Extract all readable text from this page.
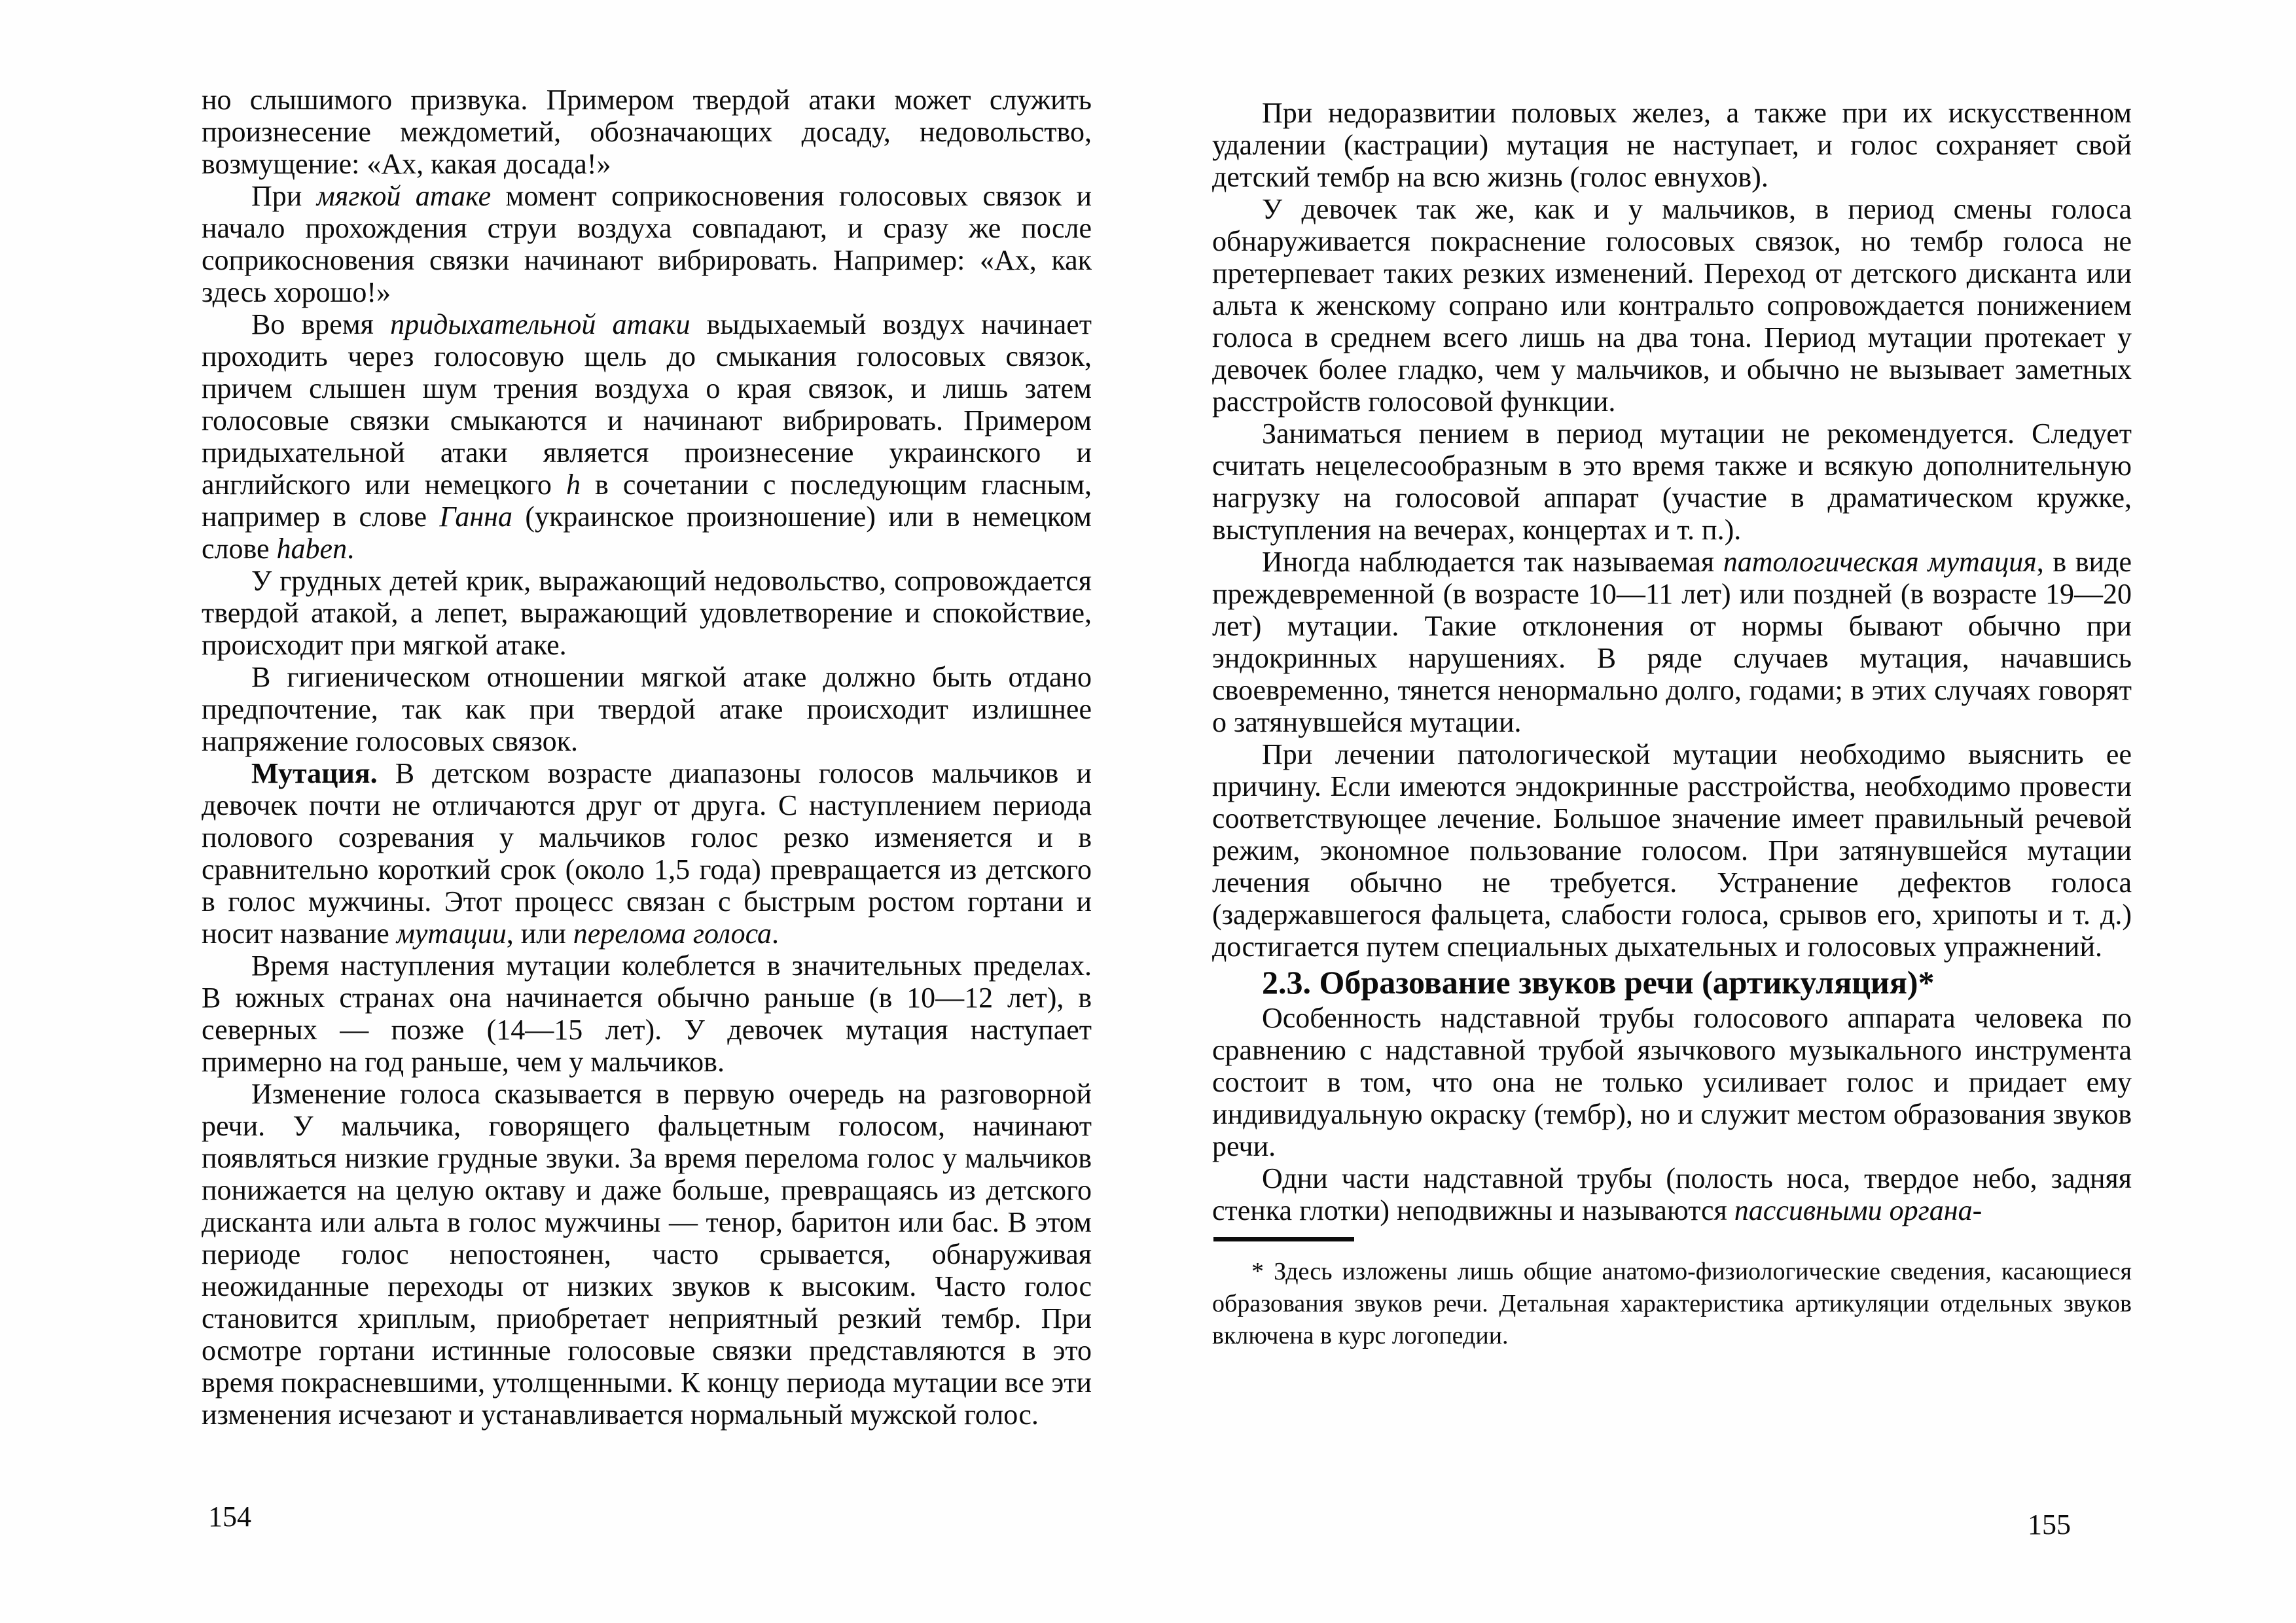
но слышимого призвука. Примером твердой атаки может служить произнесение междометий, обозначающих досаду, недовольство, возмущение: «Ах, какая досада!»

При мягкой атаке момент соприкосновения голосовых связок и начало прохождения струи воздуха совпадают, и сразу же после соприкосновения связки начинают вибрировать. Например: «Ах, как здесь хорошо!»

Во время придыхательной атаки выдыхаемый воздух начинает проходить через голосовую щель до смыкания голосовых связок, причем слышен шум трения воздуха о края связок, и лишь затем голосовые связки смыкаются и начинают вибрировать. Примером придыхательной атаки является произнесение украинского и английского или немецкого h в сочетании с последующим гласным, например в слове Ганна (украинское произношение) или в немецком слове haben.

У грудных детей крик, выражающий недовольство, сопровождается твердой атакой, а лепет, выражающий удовлетворение и спокойствие, происходит при мягкой атаке.

В гигиеническом отношении мягкой атаке должно быть отдано предпочтение, так как при твердой атаке происходит излишнее напряжение голосовых связок.

Мутация. В детском возрасте диапазоны голосов мальчиков и девочек почти не отличаются друг от друга. С наступлением периода полового созревания у мальчиков голос резко изменяется и в сравнительно короткий срок (около 1,5 года) превращается из детского в голос мужчины. Этот процесс связан с быстрым ростом гортани и носит название мутации, или перелома голоса.

Время наступления мутации колеблется в значительных пределах. В южных странах она начинается обычно раньше (в 10—12 лет), в северных — позже (14—15 лет). У девочек мутация наступает примерно на год раньше, чем у мальчиков.

Изменение голоса сказывается в первую очередь на разговорной речи. У мальчика, говорящего фальцетным голосом, начинают появляться низкие грудные звуки. За время перелома голос у мальчиков понижается на целую октаву и даже больше, превращаясь из детского дисканта или альта в голос мужчины — тенор, баритон или бас. В этом периоде голос непостоянен, часто срывается, обнаруживая неожиданные переходы от низких звуков к высоким. Часто голос становится хриплым, приобретает неприятный резкий тембр. При осмотре гортани истинные голосовые связки представляются в это время покрасневшими, утолщенными. К концу периода мутации все эти изменения исчезают и устанавливается нормальный мужской голос.

154

При недоразвитии половых желез, а также при их искусственном удалении (кастрации) мутация не наступает, и голос сохраняет свой детский тембр на всю жизнь (голос евнухов).

У девочек так же, как и у мальчиков, в период смены голоса обнаруживается покраснение голосовых связок, но тембр голоса не претерпевает таких резких изменений. Переход от детского дисканта или альта к женскому сопрано или контральто сопровождается понижением голоса в среднем всего лишь на два тона. Период мутации протекает у девочек более гладко, чем у мальчиков, и обычно не вызывает заметных расстройств голосовой функции.

Заниматься пением в период мутации не рекомендуется. Следует считать нецелесообразным в это время также и всякую дополнительную нагрузку на голосовой аппарат (участие в драматическом кружке, выступления на вечерах, концертах и т. п.).

Иногда наблюдается так называемая патологическая мутация, в виде преждевременной (в возрасте 10—11 лет) или поздней (в возрасте 19—20 лет) мутации. Такие отклонения от нормы бывают обычно при эндокринных нарушениях. В ряде случаев мутация, начавшись своевременно, тянется ненормально долго, годами; в этих случаях говорят о затянувшейся мутации.

При лечении патологической мутации необходимо выяснить ее причину. Если имеются эндокринные расстройства, необходимо провести соответствующее лечение. Большое значение имеет правильный речевой режим, экономное пользование голосом. При затянувшейся мутации лечения обычно не требуется. Устранение дефектов голоса (задержавшегося фальцета, слабости голоса, срывов его, хрипоты и т. д.) достигается путем специальных дыхательных и голосовых упражнений.

2.3. Образование звуков речи (артикуляция)*

Особенность надставной трубы голосового аппарата человека по сравнению с надставной трубой язычкового музыкального инструмента состоит в том, что она не только усиливает голос и придает ему индивидуальную окраску (тембр), но и служит местом образования звуков речи.

Одни части надставной трубы (полость носа, твердое небо, задняя стенка глотки) неподвижны и называются пассивными органа-

* Здесь изложены лишь общие анатомо-физиологические сведения, касающиеся образования звуков речи. Детальная характеристика артикуляции отдельных звуков включена в курс логопедии.

155
